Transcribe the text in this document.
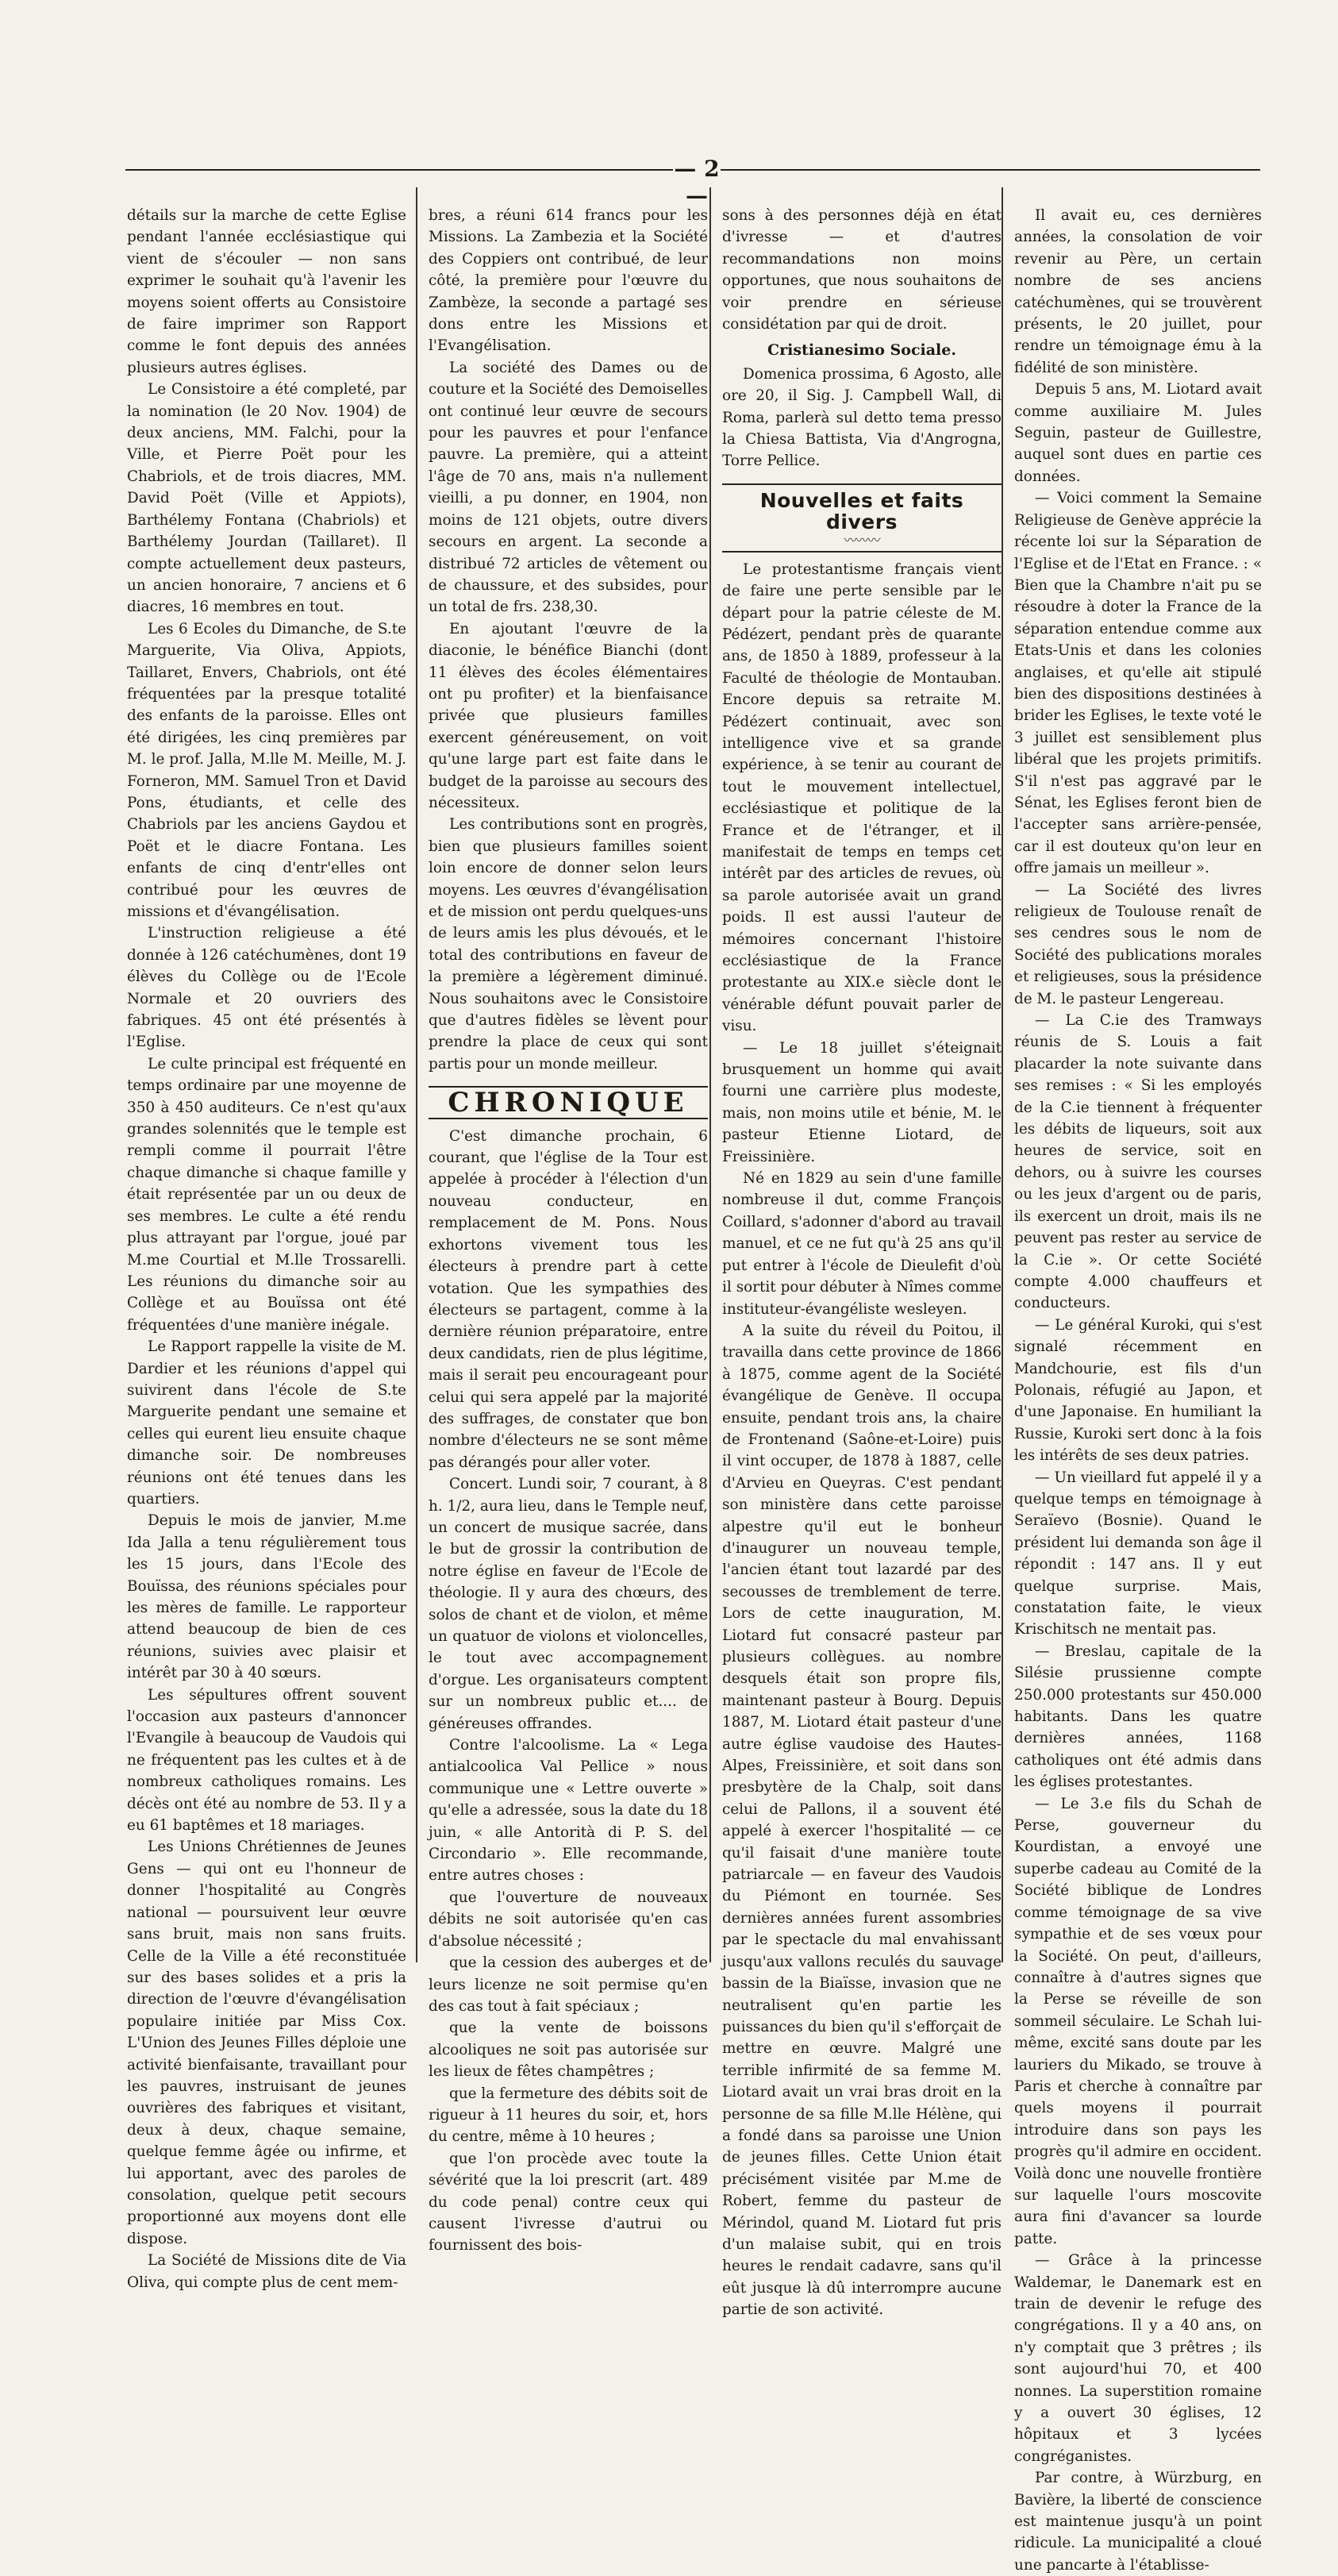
— 2 —

détails sur la marche de cette Eglise pendant l'année ecclésiastique qui vient de s'écouler — non sans exprimer le souhait qu'à l'avenir les moyens soient offerts au Consistoire de faire imprimer son Rapport comme le font depuis des années plusieurs autres églises.

Le Consistoire a été completé, par la nomination (le 20 Nov. 1904) de deux anciens, MM. Falchi, pour la Ville, et Pierre Poët pour les Chabriols, et de trois diacres, MM. David Poët (Ville et Appiots), Barthélemy Fontana (Chabriols) et Barthélemy Jourdan (Taillaret). Il compte actuellement deux pasteurs, un ancien honoraire, 7 anciens et 6 diacres, 16 membres en tout.

Les 6 Ecoles du Dimanche, de S.te Marguerite, Via Oliva, Appiots, Taillaret, Envers, Chabriols, ont été fréquentées par la presque totalité des enfants de la paroisse. Elles ont été dirigées, les cinq premières par M. le prof. Jalla, M.lle M. Meille, M. J. Forneron, MM. Samuel Tron et David Pons, étudiants, et celle des Chabriols par les anciens Gaydou et Poët et le diacre Fontana. Les enfants de cinq d'entr'elles ont contribué pour les œuvres de missions et d'évangélisation.

L'instruction religieuse a été donnée à 126 catéchumènes, dont 19 élèves du Collège ou de l'Ecole Normale et 20 ouvriers des fabriques. 45 ont été présentés à l'Eglise.

Le culte principal est fréquenté en temps ordinaire par une moyenne de 350 à 450 auditeurs. Ce n'est qu'aux grandes solennités que le temple est rempli comme il pourrait l'être chaque dimanche si chaque famille y était représentée par un ou deux de ses membres. Le culte a été rendu plus attrayant par l'orgue, joué par M.me Courtial et M.lle Trossarelli. Les réunions du dimanche soir au Collège et au Bouïssa ont été fréquentées d'une manière inégale.

Le Rapport rappelle la visite de M. Dardier et les réunions d'appel qui suivirent dans l'école de S.te Marguerite pendant une semaine et celles qui eurent lieu ensuite chaque dimanche soir. De nombreuses réunions ont été tenues dans les quartiers.

Depuis le mois de janvier, M.me Ida Jalla a tenu régulièrement tous les 15 jours, dans l'Ecole des Bouïssa, des réunions spéciales pour les mères de famille. Le rapporteur attend beaucoup de bien de ces réunions, suivies avec plaisir et intérêt par 30 à 40 sœurs.

Les sépultures offrent souvent l'occasion aux pasteurs d'annoncer l'Evangile à beaucoup de Vaudois qui ne fréquentent pas les cultes et à de nombreux catholiques romains. Les décès ont été au nombre de 53. Il y a eu 61 baptêmes et 18 mariages.

Les Unions Chrétiennes de Jeunes Gens — qui ont eu l'honneur de donner l'hospitalité au Congrès national — poursuivent leur œuvre sans bruit, mais non sans fruits. Celle de la Ville a été reconstituée sur des bases solides et a pris la direction de l'œuvre d'évangélisation populaire initiée par Miss Cox. L'Union des Jeunes Filles déploie une activité bienfaisante, travaillant pour les pauvres, instruisant de jeunes ouvrières des fabriques et visitant, deux à deux, chaque semaine, quelque femme âgée ou infirme, et lui apportant, avec des paroles de consolation, quelque petit secours proportionné aux moyens dont elle dispose.

La Société de Missions dite de Via Oliva, qui compte plus de cent mem-

bres, a réuni 614 francs pour les Missions. La Zambezia et la Société des Coppiers ont contribué, de leur côté, la première pour l'œuvre du Zambèze, la seconde a partagé ses dons entre les Missions et l'Evangélisation.

La société des Dames ou de couture et la Société des Demoiselles ont continué leur œuvre de secours pour les pauvres et pour l'enfance pauvre. La première, qui a atteint l'âge de 70 ans, mais n'a nullement vieilli, a pu donner, en 1904, non moins de 121 objets, outre divers secours en argent. La seconde a distribué 72 articles de vêtement ou de chaussure, et des subsides, pour un total de frs. 238,30.

En ajoutant l'œuvre de la diaconie, le bénéfice Bianchi (dont 11 élèves des écoles élémentaires ont pu profiter) et la bienfaisance privée que plusieurs familles exercent généreusement, on voit qu'une large part est faite dans le budget de la paroisse au secours des nécessiteux.

Les contributions sont en progrès, bien que plusieurs familles soient loin encore de donner selon leurs moyens. Les œuvres d'évangélisation et de mission ont perdu quelques-uns de leurs amis les plus dévoués, et le total des contributions en faveur de la première a légèrement diminué. Nous souhaitons avec le Consistoire que d'autres fidèles se lèvent pour prendre la place de ceux qui sont partis pour un monde meilleur.

CHRONIQUE

C'est dimanche prochain, 6 courant, que l'église de la Tour est appelée à procéder à l'élection d'un nouveau conducteur, en remplacement de M. Pons. Nous exhortons vivement tous les électeurs à prendre part à cette votation. Que les sympathies des électeurs se partagent, comme à la dernière réunion préparatoire, entre deux candidats, rien de plus légitime, mais il serait peu encourageant pour celui qui sera appelé par la majorité des suffrages, de constater que bon nombre d'électeurs ne se sont même pas dérangés pour aller voter.

Concert. Lundi soir, 7 courant, à 8 h. 1/2, aura lieu, dans le Temple neuf, un concert de musique sacrée, dans le but de grossir la contribution de notre église en faveur de l'Ecole de théologie. Il y aura des chœurs, des solos de chant et de violon, et même un quatuor de violons et violoncelles, le tout avec accompagnement d'orgue. Les organisateurs comptent sur un nombreux public et.... de généreuses offrandes.

Contre l'alcoolisme. La « Lega antialcoolica Val Pellice » nous communique une « Lettre ouverte » qu'elle a adressée, sous la date du 18 juin, « alle Antorità di P. S. del Circondario ». Elle recommande, entre autres choses :

que l'ouverture de nouveaux débits ne soit autorisée qu'en cas d'absolue nécessité ;

que la cession des auberges et de leurs licenze ne soit permise qu'en des cas tout à fait spéciaux ;

que la vente de boissons alcooliques ne soit pas autorisée sur les lieux de fêtes champêtres ;

que la fermeture des débits soit de rigueur à 11 heures du soir, et, hors du centre, même à 10 heures ;

que l'on procède avec toute la sévérité que la loi prescrit (art. 489 du code penal) contre ceux qui causent l'ivresse d'autrui ou fournissent des bois-

sons à des personnes déjà en état d'ivresse — et d'autres recommandations non moins opportunes, que nous souhaitons de voir prendre en sérieuse considétation par qui de droit.

Cristianesimo Sociale.

Domenica prossima, 6 Agosto, alle ore 20, il Sig. J. Campbell Wall, di Roma, parlerà sul detto tema presso la Chiesa Battista, Via d'Angrogna, Torre Pellice.

Nouvelles et faits divers
〰〰〰

Le protestantisme français vient de faire une perte sensible par le départ pour la patrie céleste de M. Pédézert, pendant près de quarante ans, de 1850 à 1889, professeur à la Faculté de théologie de Montauban. Encore depuis sa retraite M. Pédézert continuait, avec son intelligence vive et sa grande expérience, à se tenir au courant de tout le mouvement intellectuel, ecclésiastique et politique de la France et de l'étranger, et il manifestait de temps en temps cet intérêt par des articles de revues, où sa parole autorisée avait un grand poids. Il est aussi l'auteur de mémoires concernant l'histoire ecclésiastique de la France protestante au XIX.e siècle dont le vénérable défunt pouvait parler de visu.

— Le 18 juillet s'éteignait brusquement un homme qui avait fourni une carrière plus modeste, mais, non moins utile et bénie, M. le pasteur Etienne Liotard, de Freissinière.

Né en 1829 au sein d'une famille nombreuse il dut, comme François Coillard, s'adonner d'abord au travail manuel, et ce ne fut qu'à 25 ans qu'il put entrer à l'école de Dieulefit d'où il sortit pour débuter à Nîmes comme instituteur-évangéliste wesleyen.

A la suite du réveil du Poitou, il travailla dans cette province de 1866 à 1875, comme agent de la Société évangélique de Genève. Il occupa ensuite, pendant trois ans, la chaire de Frontenand (Saône-et-Loire) puis il vint occuper, de 1878 à 1887, celle d'Arvieu en Queyras. C'est pendant son ministère dans cette paroisse alpestre qu'il eut le bonheur d'inaugurer un nouveau temple, l'ancien étant tout lazardé par des secousses de tremblement de terre. Lors de cette inauguration, M. Liotard fut consacré pasteur par plusieurs collègues. au nombre desquels était son propre fils, maintenant pasteur à Bourg. Depuis 1887, M. Liotard était pasteur d'une autre église vaudoise des Hautes-Alpes, Freissinière, et soit dans son presbytère de la Chalp, soit dans celui de Pallons, il a souvent été appelé à exercer l'hospitalité — ce qu'il faisait d'une manière toute patriarcale — en faveur des Vaudois du Piémont en tournée. Ses dernières années furent assombries par le spectacle du mal envahissant jusqu'aux vallons reculés du sauvage bassin de la Biaïsse, invasion que ne neutralisent qu'en partie les puissances du bien qu'il s'efforçait de mettre en œuvre. Malgré une terrible infirmité de sa femme M. Liotard avait un vrai bras droit en la personne de sa fille M.lle Hélène, qui a fondé dans sa paroisse une Union de jeunes filles. Cette Union était précisément visitée par M.me de Robert, femme du pasteur de Mérindol, quand M. Liotard fut pris d'un malaise subit, qui en trois heures le rendait cadavre, sans qu'il eût jusque là dû interrompre aucune partie de son activité.

Il avait eu, ces dernières années, la consolation de voir revenir au Père, un certain nombre de ses anciens catéchumènes, qui se trouvèrent présents, le 20 juillet, pour rendre un témoignage ému à la fidélité de son ministère.

Depuis 5 ans, M. Liotard avait comme auxiliaire M. Jules Seguin, pasteur de Guillestre, auquel sont dues en partie ces données.

— Voici comment la Semaine Religieuse de Genève apprécie la récente loi sur la Séparation de l'Eglise et de l'Etat en France. : « Bien que la Chambre n'ait pu se résoudre à doter la France de la séparation entendue comme aux Etats-Unis et dans les colonies anglaises, et qu'elle ait stipulé bien des dispositions destinées à brider les Eglises, le texte voté le 3 juillet est sensiblement plus libéral que les projets primitifs. S'il n'est pas aggravé par le Sénat, les Eglises feront bien de l'accepter sans arrière-pensée, car il est douteux qu'on leur en offre jamais un meilleur ».

— La Société des livres religieux de Toulouse renaît de ses cendres sous le nom de Société des publications morales et religieuses, sous la présidence de M. le pasteur Lengereau.

— La C.ie des Tramways réunis de S. Louis a fait placarder la note suivante dans ses remises : « Si les employés de la C.ie tiennent à fréquenter les débits de liqueurs, soit aux heures de service, soit en dehors, ou à suivre les courses ou les jeux d'argent ou de paris, ils exercent un droit, mais ils ne peuvent pas rester au service de la C.ie ». Or cette Société compte 4.000 chauffeurs et conducteurs.

— Le général Kuroki, qui s'est signalé récemment en Mandchourie, est fils d'un Polonais, réfugié au Japon, et d'une Japonaise. En humiliant la Russie, Kuroki sert donc à la fois les intérêts de ses deux patries.

— Un vieillard fut appelé il y a quelque temps en témoignage à Seraïevo (Bosnie). Quand le président lui demanda son âge il répondit : 147 ans. Il y eut quelque surprise. Mais, constatation faite, le vieux Krischitsch ne mentait pas.

— Breslau, capitale de la Silésie prussienne compte 250.000 protestants sur 450.000 habitants. Dans les quatre dernières années, 1168 catholiques ont été admis dans les églises protestantes.

— Le 3.e fils du Schah de Perse, gouverneur du Kourdistan, a envoyé une superbe cadeau au Comité de la Société biblique de Londres comme témoignage de sa vive sympathie et de ses vœux pour la Société. On peut, d'ailleurs, connaître à d'autres signes que la Perse se réveille de son sommeil séculaire. Le Schah lui-même, excité sans doute par les lauriers du Mikado, se trouve à Paris et cherche à connaître par quels moyens il pourrait introduire dans son pays les progrès qu'il admire en occident. Voilà donc une nouvelle frontière sur laquelle l'ours moscovite aura fini d'avancer sa lourde patte.

— Grâce à la princesse Waldemar, le Danemark est en train de devenir le refuge des congrégations. Il y a 40 ans, on n'y comptait que 3 prêtres ; ils sont aujourd'hui 70, et 400 nonnes. La superstition romaine y a ouvert 30 églises, 12 hôpitaux et 3 lycées congréganistes.

Par contre, à Würzburg, en Bavière, la liberté de conscience est maintenue jusqu'à un point ridicule. La municipalité a cloué une pancarte à l'établisse-
